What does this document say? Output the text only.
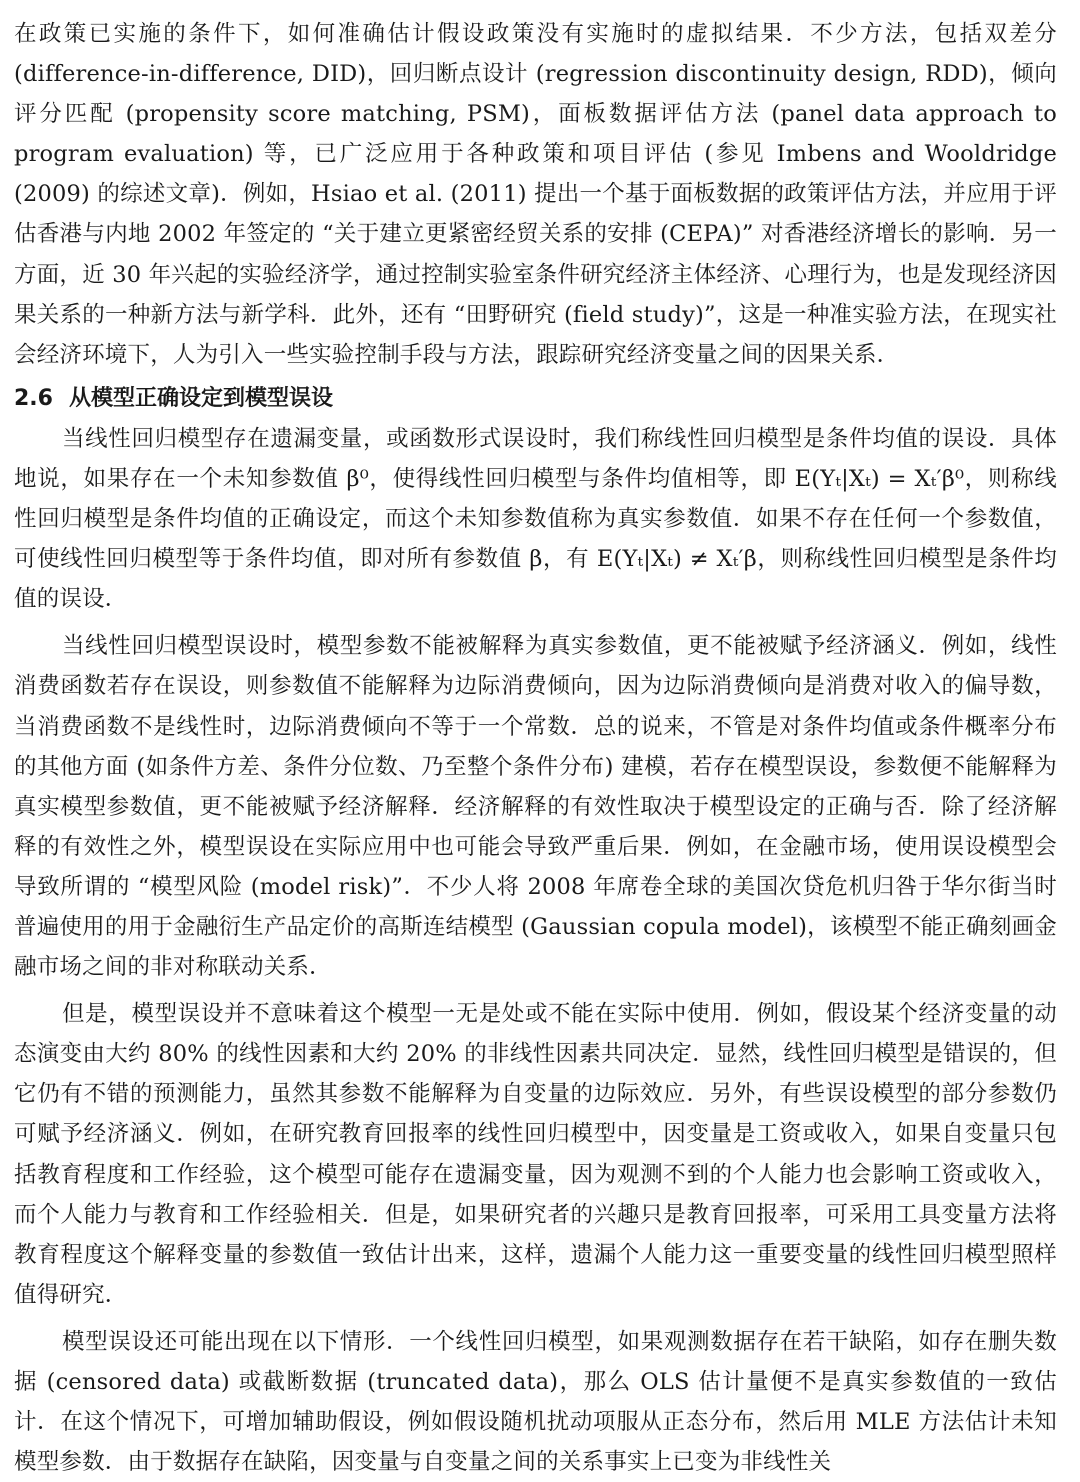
在政策已实施的条件下，如何准确估计假设政策没有实施时的虚拟结果．不少方法，包括双差分 (difference-in-difference, DID)，回归断点设计 (regression discontinuity design, RDD)，倾向评分匹配 (propensity score matching, PSM)，面板数据评估方法 (panel data approach to program evaluation) 等，已广泛应用于各种政策和项目评估 (参见 Imbens and Wooldridge (2009) 的综述文章)．例如，Hsiao et al. (2011) 提出一个基于面板数据的政策评估方法，并应用于评估香港与内地 2002 年签定的 “关于建立更紧密经贸关系的安排 (CEPA)” 对香港经济增长的影响．另一方面，近 30 年兴起的实验经济学，通过控制实验室条件研究经济主体经济、心理行为，也是发现经济因果关系的一种新方法与新学科．此外，还有 “田野研究 (field study)”，这是一种准实验方法，在现实社会经济环境下，人为引入一些实验控制手段与方法，跟踪研究经济变量之间的因果关系．

2.6 从模型正确设定到模型误设

当线性回归模型存在遗漏变量，或函数形式误设时，我们称线性回归模型是条件均值的误设．具体地说，如果存在一个未知参数值 β⁰，使得线性回归模型与条件均值相等，即 E(Yₜ|Xₜ) = Xₜ′β⁰，则称线性回归模型是条件均值的正确设定，而这个未知参数值称为真实参数值．如果不存在任何一个参数值，可使线性回归模型等于条件均值，即对所有参数值 β，有 E(Yₜ|Xₜ) ≠ Xₜ′β，则称线性回归模型是条件均值的误设．

当线性回归模型误设时，模型参数不能被解释为真实参数值，更不能被赋予经济涵义．例如，线性消费函数若存在误设，则参数值不能解释为边际消费倾向，因为边际消费倾向是消费对收入的偏导数，当消费函数不是线性时，边际消费倾向不等于一个常数．总的说来，不管是对条件均值或条件概率分布的其他方面 (如条件方差、条件分位数、乃至整个条件分布) 建模，若存在模型误设，参数便不能解释为真实模型参数值，更不能被赋予经济解释．经济解释的有效性取决于模型设定的正确与否．除了经济解释的有效性之外，模型误设在实际应用中也可能会导致严重后果．例如，在金融市场，使用误设模型会导致所谓的 “模型风险 (model risk)”．不少人将 2008 年席卷全球的美国次贷危机归咎于华尔街当时普遍使用的用于金融衍生产品定价的高斯连结模型 (Gaussian copula model)，该模型不能正确刻画金融市场之间的非对称联动关系．

但是，模型误设并不意味着这个模型一无是处或不能在实际中使用．例如，假设某个经济变量的动态演变由大约 80% 的线性因素和大约 20% 的非线性因素共同决定．显然，线性回归模型是错误的，但它仍有不错的预测能力，虽然其参数不能解释为自变量的边际效应．另外，有些误设模型的部分参数仍可赋予经济涵义．例如，在研究教育回报率的线性回归模型中，因变量是工资或收入，如果自变量只包括教育程度和工作经验，这个模型可能存在遗漏变量，因为观测不到的个人能力也会影响工资或收入，而个人能力与教育和工作经验相关．但是，如果研究者的兴趣只是教育回报率，可采用工具变量方法将教育程度这个解释变量的参数值一致估计出来，这样，遗漏个人能力这一重要变量的线性回归模型照样值得研究．

模型误设还可能出现在以下情形．一个线性回归模型，如果观测数据存在若干缺陷，如存在删失数据 (censored data) 或截断数据 (truncated data)，那么 OLS 估计量便不是真实参数值的一致估计．在这个情况下，可增加辅助假设，例如假设随机扰动项服从正态分布，然后用 MLE 方法估计未知模型参数．由于数据存在缺陷，因变量与自变量之间的关系事实上已变为非线性关
